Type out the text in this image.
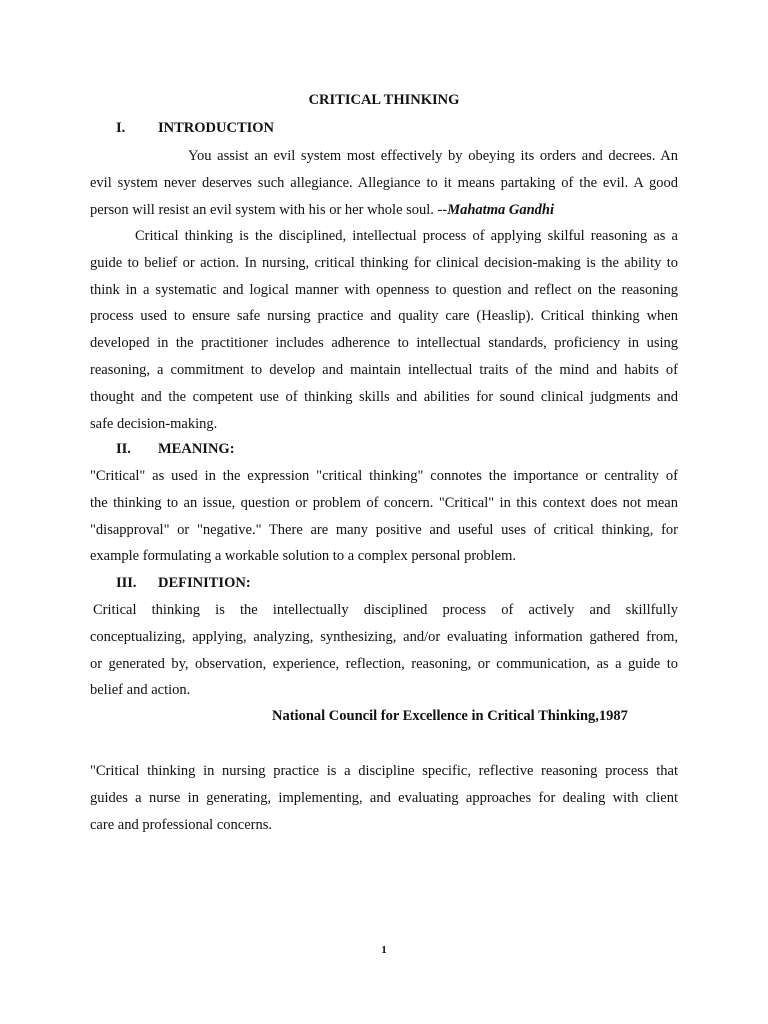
CRITICAL THINKING
I. INTRODUCTION
You assist an evil system most effectively by obeying its orders and decrees. An
evil system never deserves such allegiance. Allegiance to it means partaking of the evil. A good
person will resist an evil system with his or her whole soul. --Mahatma Gandhi
Critical thinking is the disciplined, intellectual process of applying skilful reasoning as a
guide to belief or action. In nursing, critical thinking for clinical decision-making is the ability to
think in a systematic and logical manner with openness to question and reflect on the reasoning
process used to ensure safe nursing practice and quality care (Heaslip). Critical thinking when
developed in the practitioner includes adherence to intellectual standards, proficiency in using
reasoning, a commitment to develop and maintain intellectual traits of the mind and habits of
thought and the competent use of thinking skills and abilities for sound clinical judgments and
safe decision-making.
II. MEANING:
"Critical" as used in the expression "critical thinking" connotes the importance or centrality of
the thinking to an issue, question or problem of concern. "Critical" in this context does not mean
"disapproval" or "negative." There are many positive and useful uses of critical thinking, for
example formulating a workable solution to a complex personal problem.
III. DEFINITION:
Critical thinking is the intellectually disciplined process of actively and skillfully
conceptualizing, applying, analyzing, synthesizing, and/or evaluating information gathered from,
or generated by, observation, experience, reflection, reasoning, or communication, as a guide to
belief and action.
National Council for Excellence in Critical Thinking,1987
"Critical thinking in nursing practice is a discipline specific, reflective reasoning process that
guides a nurse in generating, implementing, and evaluating approaches for dealing with client
care and professional concerns.
1
